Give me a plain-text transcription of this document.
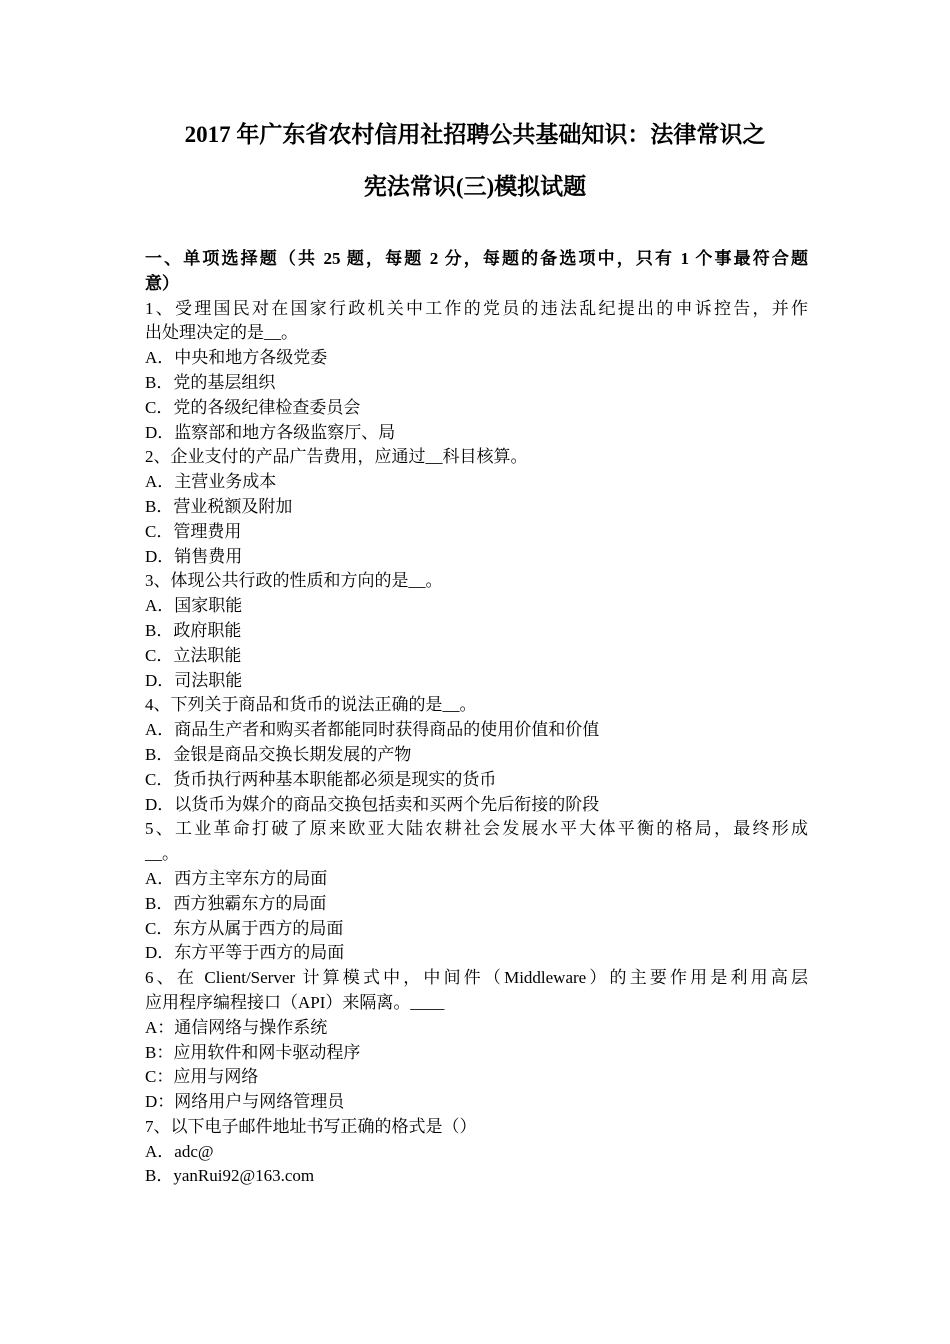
2017 年广东省农村信用社招聘公共基础知识：法律常识之
宪法常识(三)模拟试题
一、单项选择题（共 25 题，每题 2 分，每题的备选项中，只有 1 个事最符合题
意）
1、受理国民对在国家行政机关中工作的党员的违法乱纪提出的申诉控告，并作
出处理决定的是__。
A．中央和地方各级党委
B．党的基层组织
C．党的各级纪律检查委员会
D．监察部和地方各级监察厅、局
2、企业支付的产品广告费用，应通过__科目核算。
A．主营业务成本
B．营业税额及附加
C．管理费用
D．销售费用
3、体现公共行政的性质和方向的是__。
A．国家职能
B．政府职能
C．立法职能
D．司法职能
4、下列关于商品和货币的说法正确的是__。
A．商品生产者和购买者都能同时获得商品的使用价值和价值
B．金银是商品交换长期发展的产物
C．货币执行两种基本职能都必须是现实的货币
D．以货币为媒介的商品交换包括卖和买两个先后衔接的阶段
5、工业革命打破了原来欧亚大陆农耕社会发展水平大体平衡的格局，最终形成
__。
A．西方主宰东方的局面
B．西方独霸东方的局面
C．东方从属于西方的局面
D．东方平等于西方的局面
6、在 Client/Server 计算模式中，中间件（Middleware）的主要作用是利用高层
应用程序编程接口（API）来隔离。____
A：通信网络与操作系统
B：应用软件和网卡驱动程序
C：应用与网络
D：网络用户与网络管理员
7、以下电子邮件地址书写正确的格式是（）
A．adc@
B．yanRui92@163.com
